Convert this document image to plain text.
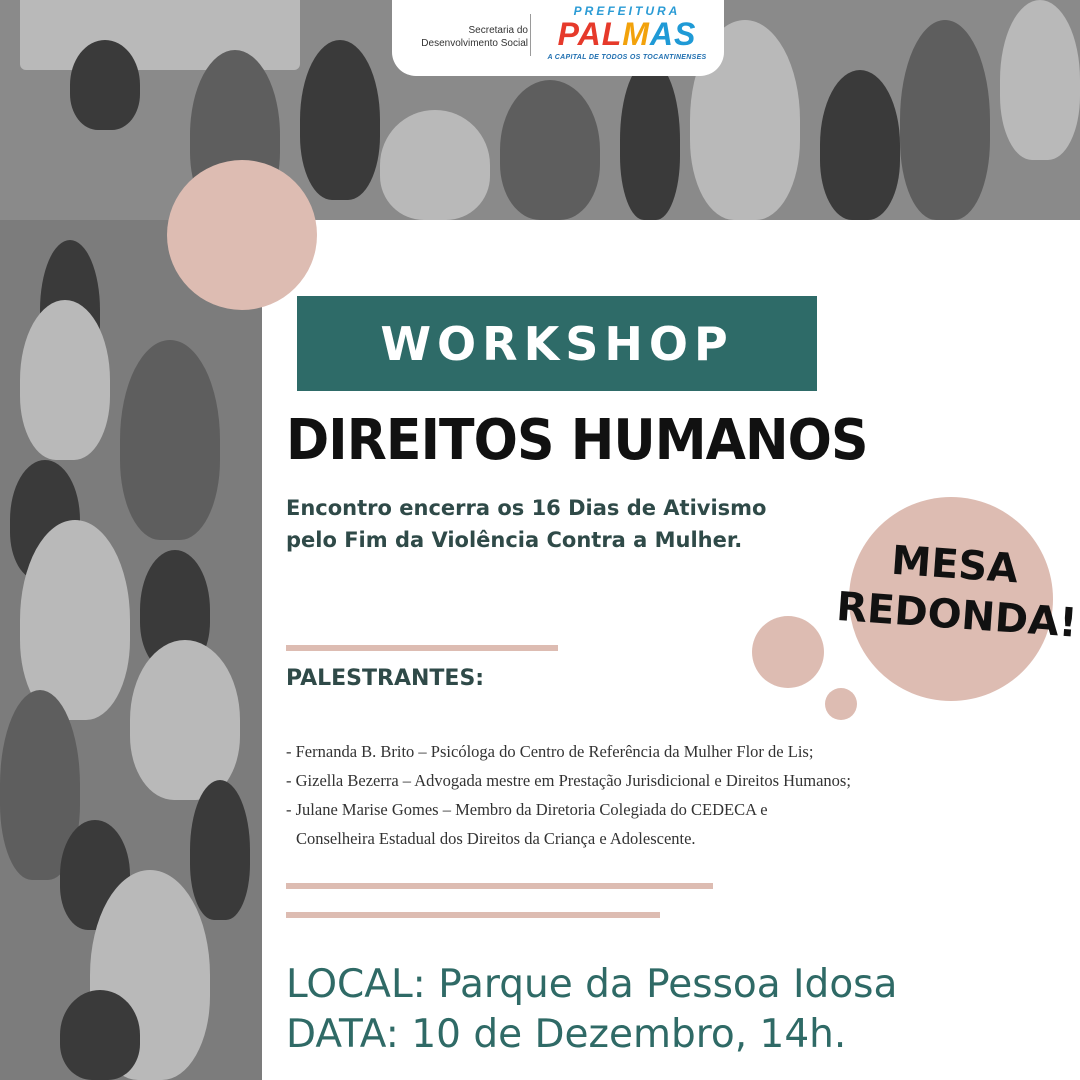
Secretaria do
Desenvolvimento Social
PREFEITURA
PALMAS
A CAPITAL DE TODOS OS TOCANTINENSES
WORKSHOP
DIREITOS HUMANOS
Encontro encerra os 16 Dias de Ativismo
pelo Fim da Violência Contra a Mulher.	MESA
REDONDA!
PALESTRANTES:
- Fernanda B. Brito – Psicóloga do Centro de Referência da Mulher Flor de Lis;
- Gizella Bezerra – Advogada mestre em Prestação Jurisdicional e Direitos Humanos;
- Julane Marise Gomes – Membro da Diretoria Colegiada do CEDECA e
Conselheira Estadual dos Direitos da Criança e Adolescente.
LOCAL: Parque da Pessoa Idosa
DATA: 10 de Dezembro, 14h.
